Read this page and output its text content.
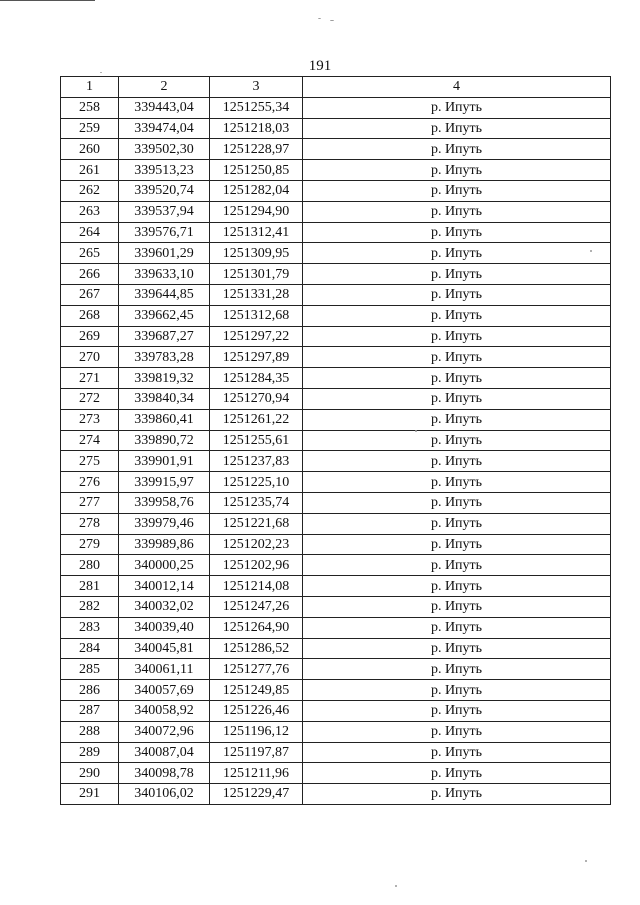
191
1	2	3	4
258	339443,04	1251255,34	р. Ипуть
259	339474,04	1251218,03	р. Ипуть
260	339502,30	1251228,97	р. Ипуть
261	339513,23	1251250,85	р. Ипуть
262	339520,74	1251282,04	р. Ипуть
263	339537,94	1251294,90	р. Ипуть
264	339576,71	1251312,41	р. Ипуть
265	339601,29	1251309,95	р. Ипуть
266	339633,10	1251301,79	р. Ипуть
267	339644,85	1251331,28	р. Ипуть
268	339662,45	1251312,68	р. Ипуть
269	339687,27	1251297,22	р. Ипуть
270	339783,28	1251297,89	р. Ипуть
271	339819,32	1251284,35	р. Ипуть
272	339840,34	1251270,94	р. Ипуть
273	339860,41	1251261,22	р. Ипуть
274	339890,72	1251255,61	р. Ипуть
275	339901,91	1251237,83	р. Ипуть
276	339915,97	1251225,10	р. Ипуть
277	339958,76	1251235,74	р. Ипуть
278	339979,46	1251221,68	р. Ипуть
279	339989,86	1251202,23	р. Ипуть
280	340000,25	1251202,96	р. Ипуть
281	340012,14	1251214,08	р. Ипуть
282	340032,02	1251247,26	р. Ипуть
283	340039,40	1251264,90	р. Ипуть
284	340045,81	1251286,52	р. Ипуть
285	340061,11	1251277,76	р. Ипуть
286	340057,69	1251249,85	р. Ипуть
287	340058,92	1251226,46	р. Ипуть
288	340072,96	1251196,12	р. Ипуть
289	340087,04	1251197,87	р. Ипуть
290	340098,78	1251211,96	р. Ипуть
291	340106,02	1251229,47	р. Ипуть
